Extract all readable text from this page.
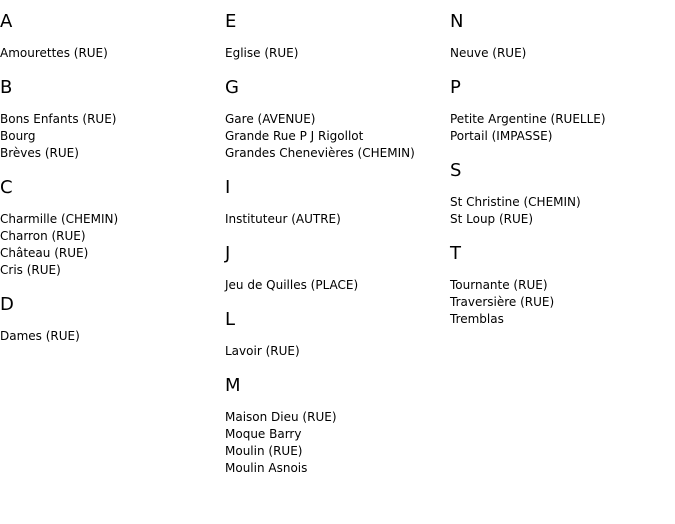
A
Amourettes (RUE)
B
Bons Enfants (RUE)
Bourg
Brèves (RUE)
C
Charmille (CHEMIN)
Charron (RUE)
Château (RUE)
Cris (RUE)
D
Dames (RUE)
E
Eglise (RUE)
G
Gare (AVENUE)
Grande Rue P J Rigollot
Grandes Chenevières (CHEMIN)
I
Instituteur (AUTRE)
J
Jeu de Quilles (PLACE)
L
Lavoir (RUE)
M
Maison Dieu (RUE)
Moque Barry
Moulin (RUE)
Moulin Asnois
N
Neuve (RUE)
P
Petite Argentine (RUELLE)
Portail (IMPASSE)
S
St Christine (CHEMIN)
St Loup (RUE)
T
Tournante (RUE)
Traversière (RUE)
Tremblas
